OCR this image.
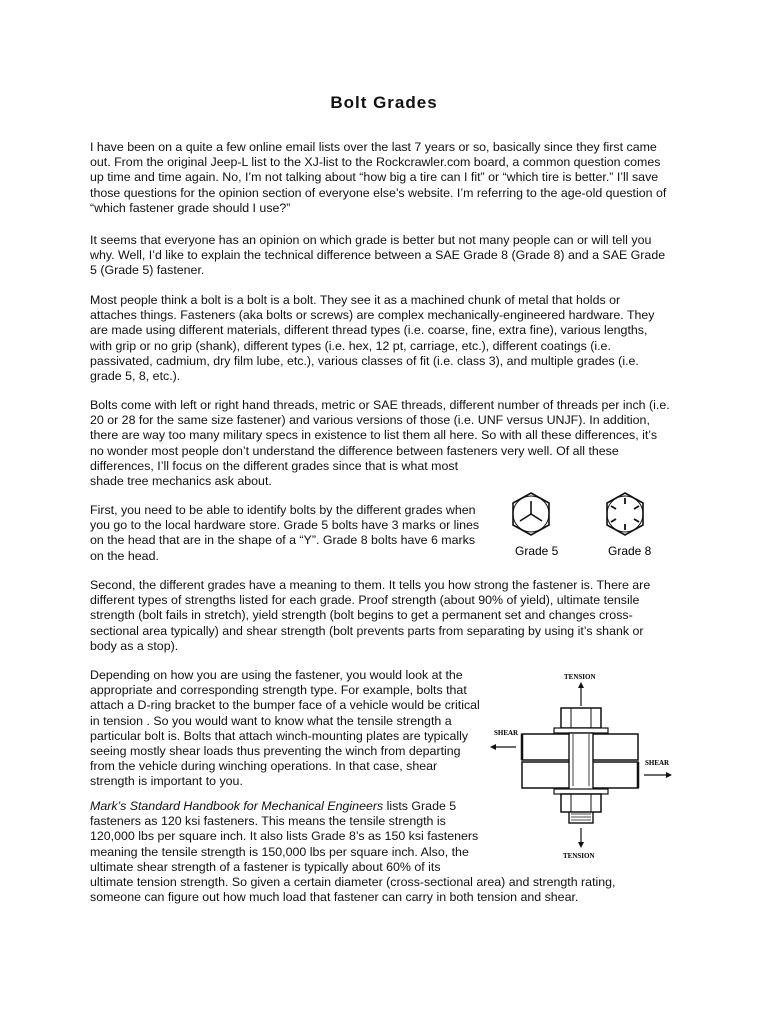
Bolt Grades

I have been on a quite a few online email lists over the last 7 years or so, basically since they first came
out. From the original Jeep-L list to the XJ-list to the Rockcrawler.com board, a common question comes
up time and time again. No, I’m not talking about “how big a tire can I fit” or “which tire is better.” I’ll save
those questions for the opinion section of everyone else’s website. I’m referring to the age-old question of
“which fastener grade should I use?”

It seems that everyone has an opinion on which grade is better but not many people can or will tell you
why. Well, I’d like to explain the technical difference between a SAE Grade 8 (Grade 8) and a SAE Grade
5 (Grade 5) fastener.

Most people think a bolt is a bolt is a bolt. They see it as a machined chunk of metal that holds or
attaches things. Fasteners (aka bolts or screws) are complex mechanically-engineered hardware. They
are made using different materials, different thread types (i.e. coarse, fine, extra fine), various lengths,
with grip or no grip (shank), different types (i.e. hex, 12 pt, carriage, etc.), different coatings (i.e.
passivated, cadmium, dry film lube, etc.), various classes of fit (i.e. class 3), and multiple grades (i.e.
grade 5, 8, etc.).

Bolts come with left or right hand threads, metric or SAE threads, different number of threads per inch (i.e.
20 or 28 for the same size fastener) and various versions of those (i.e. UNF versus UNJF). In addition,
there are way too many military specs in existence to list them all here. So with all these differences, it’s
no wonder most people don’t understand the difference between fasteners very well. Of all these
differences, I’ll focus on the different grades since that is what most
shade tree mechanics ask about.

First, you need to be able to identify bolts by the different grades when
you go to the local hardware store. Grade 5 bolts have 3 marks or lines
on the head that are in the shape of a “Y”. Grade 8 bolts have 6 marks
on the head.	Grade 5	Grade 8

Second, the different grades have a meaning to them. It tells you how strong the fastener is. There are
different types of strengths listed for each grade. Proof strength (about 90% of yield), ultimate tensile
strength (bolt fails in stretch), yield strength (bolt begins to get a permanent set and changes cross-
sectional area typically) and shear strength (bolt prevents parts from separating by using it’s shank or
body as a stop).

Depending on how you are using the fastener, you would look at the
appropriate and corresponding strength type. For example, bolts that
attach a D-ring bracket to the bumper face of a vehicle would be critical
in tension . So you would want to know what the tensile strength a
particular bolt is. Bolts that attach winch-mounting plates are typically
seeing mostly shear loads thus preventing the winch from departing
from the vehicle during winching operations. In that case, shear
strength is important to you.

TENSION
TENSION
SHEAR
SHEAR

Mark’s Standard Handbook for Mechanical Engineers lists Grade 5
fasteners as 120 ksi fasteners. This means the tensile strength is
120,000 lbs per square inch. It also lists Grade 8’s as 150 ksi fasteners
meaning the tensile strength is 150,000 lbs per square inch. Also, the
ultimate shear strength of a fastener is typically about 60% of its
ultimate tension strength. So given a certain diameter (cross-sectional area) and strength rating,
someone can figure out how much load that fastener can carry in both tension and shear.
